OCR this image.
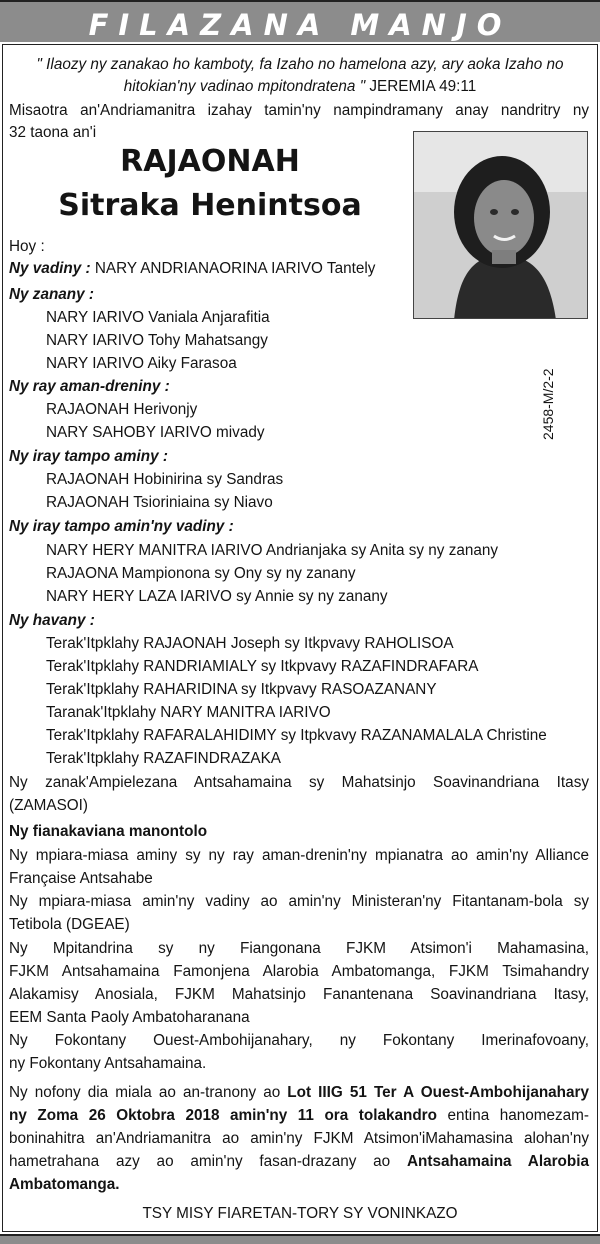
FILAZANA MANJO
" Ilaozy ny zanakao ho kamboty, fa Izaho no hamelona azy, ary aoka Izaho no
hitokian'ny vadinao mpitondratena " JEREMIA 49:11
Misaotra an'Andriamanitra izahay tamin'ny nampindramany anay nandritry ny
32 taona an'i
RAJAONAH
Sitraka Henintsoa
Hoy :
Ny vadiny : NARY ANDRIANAORINA IARIVO Tantely
Ny zanany :
NARY IARIVO Vaniala Anjarafitia
NARY IARIVO Tohy Mahatsangy
NARY IARIVO Aiky Farasoa
Ny ray aman-dreniny :
RAJAONAH Herivonjy
NARY SAHOBY IARIVO mivady
Ny iray tampo aminy :
RAJAONAH Hobinirina sy Sandras
RAJAONAH Tsioriniaina sy Niavo
Ny iray tampo amin'ny vadiny :
NARY HERY MANITRA IARIVO Andrianjaka sy Anita sy ny zanany
RAJAONA Mampiononа sy Ony sy ny zanany
NARY HERY LAZA IARIVO sy Annie sy ny zanany
Ny havany :
Terak'Itpklahy RAJAONAH Joseph sy Itkpvavy RAHOLISOA
Terak'Itpklahy RANDRIAMIALY sy Itkpvavy RAZAFINDRAFARA
Terak'Itpklahy RAHARIDINA sy Itkpvavy RASOAZANANY
Taranak'Itpklahy NARY MANITRA IARIVO
Terak'Itpklahy RAFARALAHIDIMY sy Itpkvavy RAZANAMALALA Christine
Terak'Itpklahy RAZAFINDRAZAKA
Ny zanak'Ampielezana Antsahamaina sy Mahatsinjo Soavinandriana Itasy
(ZAMASOI)
Ny fianakaviana manontolo
Ny mpiara-miasa aminy sy ny ray aman-drenin'ny mpianatra ao amin'ny Alliance
Française Antsahabe
Ny mpiara-miasa amin'ny vadiny ao amin'ny Ministeran'ny Fitantanam-bola sy
Tetibola (DGEAE)
Ny Mpitandrina sy ny Fiangonana FJKM Atsimon'i Mahamasina,
FJKM Antsahamaina Famonjena Alarobia Ambatomanga, FJKM Tsimahandry
Alakamisy Anosiala, FJKM Mahatsinjo Fanantenana Soavinandriana Itasy,
EEM Santa Paoly Ambatoharanana
Ny Fokontany Ouest-Ambohijanahary, ny Fokontany Imerinafovoany,
ny Fokontany Antsahamaina.
Ny nofony dia miala ao an-tranony ao Lot IIIG 51 Ter A Ouest-Ambohijanahary
ny Zoma 26 Oktobra 2018 amin'ny 11 ora tolakandro entina hanomezam-
boninahitra an'Andriamanitra ao amin'ny FJKM Atsimon'iMahamasina alohan'ny
hametrahana azy ao amin'ny fasan-drazany ao Antsahamaina Alarobia
Ambatomanga.
TSY MISY FIARETAN-TORY SY VONINKAZO
2458-M/2-2
